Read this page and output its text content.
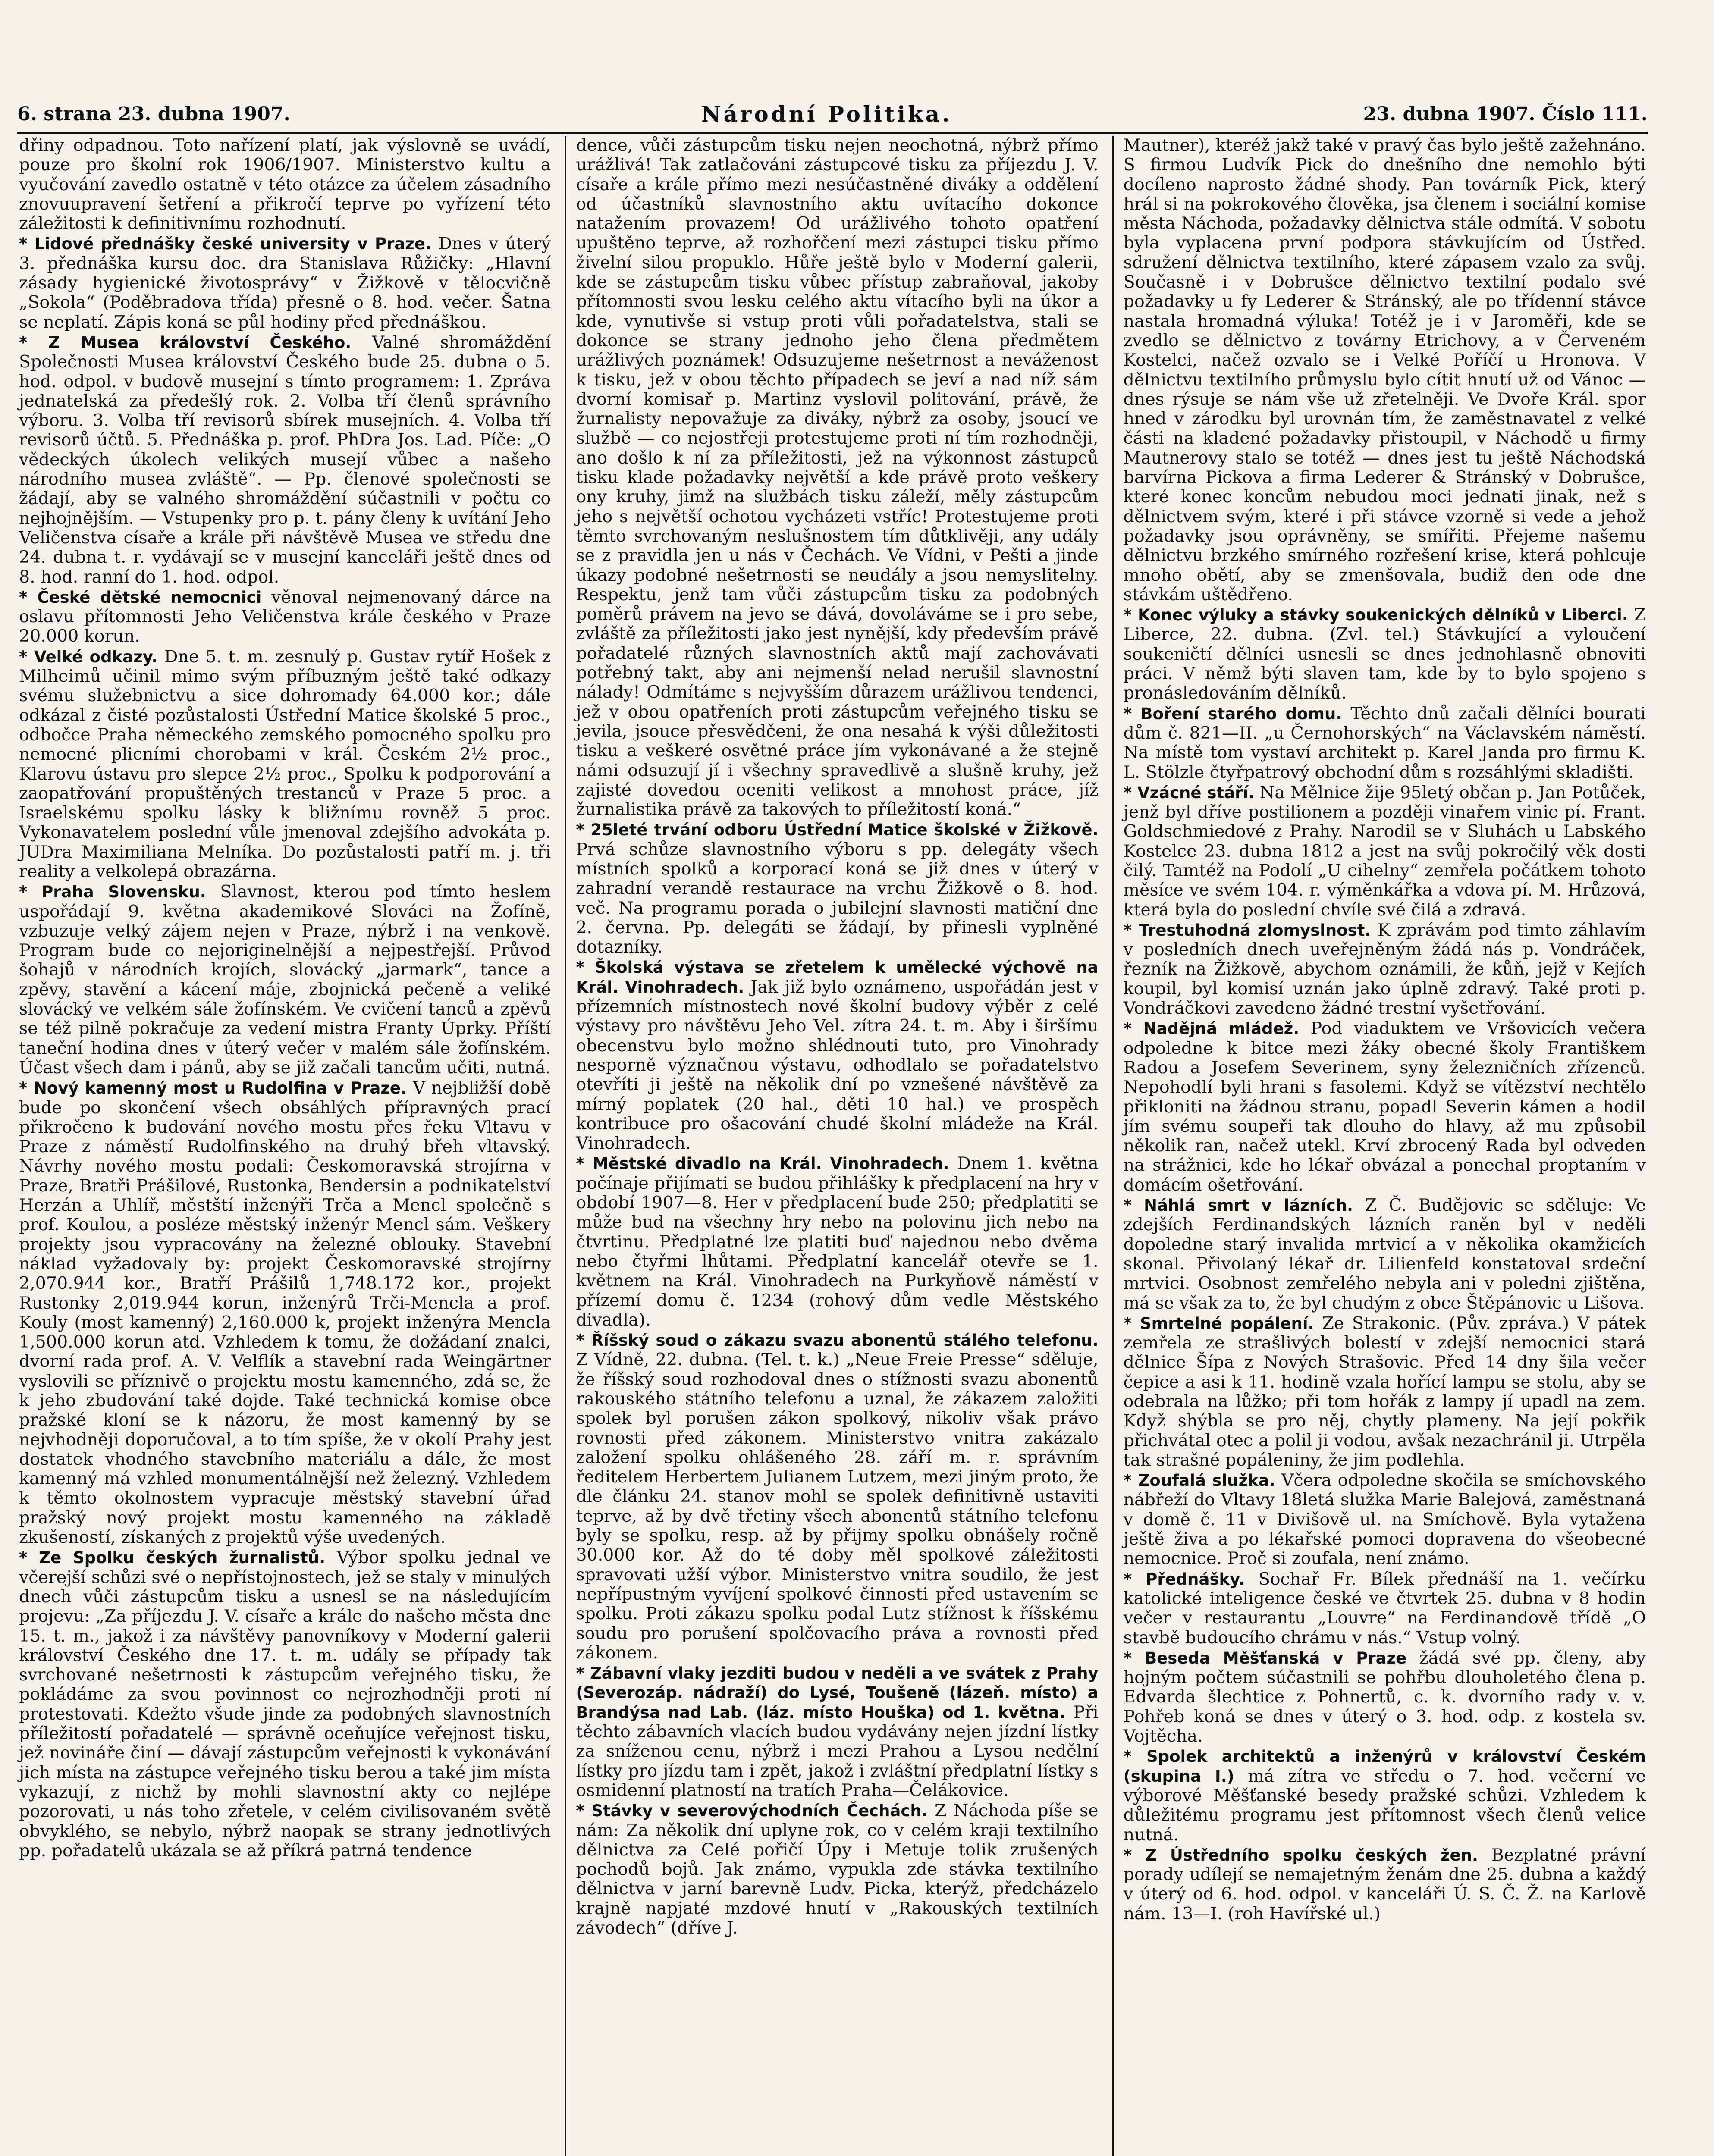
6. strana 23. dubna 1907.	Národní Politika.	23. dubna 1907. Číslo 111.

dřiny odpadnou. Toto nařízení platí, jak výslovně se uvádí, pouze pro školní rok 1906/1907. Ministerstvo kultu a vyučování zavedlo ostatně v této otázce za účelem zásadního znovuupravení šetření a přikročí teprve po vyřízení této záležitosti k definitivnímu rozhodnutí.

* Lidové přednášky české university v Praze. Dnes v úterý 3. přednáška kursu doc. dra Stanislava Růžičky: „Hlavní zásady hygienické životosprávy“ v Žižkově v tělocvičně „Sokola“ (Poděbradova třída) přesně o 8. hod. večer. Šatna se neplatí. Zápis koná se půl hodiny před přednáškou.

* Z Musea království Českého. Valné shromáždění Společnosti Musea království Českého bude 25. dubna o 5. hod. odpol. v budově musejní s tímto programem: 1. Zpráva jednatelská za předešlý rok. 2. Volba tří členů správního výboru. 3. Volba tří revisorů sbírek musejních. 4. Volba tří revisorů účtů. 5. Přednáška p. prof. PhDra Jos. Lad. Píče: „O vědeckých úkolech velikých musejí vůbec a našeho národního musea zvláště“. — Pp. členové společnosti se žádají, aby se valného shromáždění súčastnili v počtu co nejhojnějším. — Vstupenky pro p. t. pány členy k uvítání Jeho Veličenstva císaře a krále při návštěvě Musea ve středu dne 24. dubna t. r. vydávají se v musejní kanceláři ještě dnes od 8. hod. ranní do 1. hod. odpol.

* České dětské nemocnici věnoval nejmenovaný dárce na oslavu přítomnosti Jeho Veličenstva krále českého v Praze 20.000 korun.

* Velké odkazy. Dne 5. t. m. zesnulý p. Gustav rytíř Hošek z Milheimů učinil mimo svým příbuzným ještě také odkazy svému služebnictvu a sice dohromady 64.000 kor.; dále odkázal z čisté pozůstalosti Ústřední Matice školské 5 proc., odbočce Praha německého zemského pomocného spolku pro nemocné plicními chorobami v král. Českém 2½ proc., Klarovu ústavu pro slepce 2½ proc., Spolku k podporování a zaopatřování propuštěných trestanců v Praze 5 proc. a Israelskému spolku lásky k bližnímu rovněž 5 proc. Vykonavatelem poslední vůle jmenoval zdejšího advokáta p. JUDra Maximiliana Melníka. Do pozůstalosti patří m. j. tři reality a velkolepá obrazárna.

* Praha Slovensku. Slavnost, kterou pod tímto heslem uspořádají 9. května akademikové Slováci na Žofíně, vzbuzuje velký zájem nejen v Praze, nýbrž i na venkově. Program bude co nejoriginelnější a nejpestřejší. Průvod šohajů v národních krojích, slovácký „jarmark“, tance a zpěvy, stavění a kácení máje, zbojnická pečeně a veliké slovácký ve velkém sále žofínském. Ve cvičení tanců a zpěvů se též pilně pokračuje za vedení mistra Franty Úprky. Příští taneční hodina dnes v úterý večer v malém sále žofínském. Účast všech dam i pánů, aby se již začali tancům učiti, nutná.

* Nový kamenný most u Rudolfina v Praze. V nejbližší době bude po skončení všech obsáhlých přípravných prací přikročeno k budování nového mostu přes řeku Vltavu v Praze z náměstí Rudolfinského na druhý břeh vltavský. Návrhy nového mostu podali: Českomoravská strojírna v Praze, Bratři Prášilové, Rustonka, Bendersin a podnikatelství Herzán a Uhlíř, městští inženýři Trča a Mencl společně s prof. Koulou, a posléze městský inženýr Mencl sám. Veškery projekty jsou vypracovány na železné oblouky. Stavební náklad vyžadovaly by: projekt Českomoravské strojírny 2,070.944 kor., Bratří Prášilů 1,748.172 kor., projekt Rustonky 2,019.944 korun, inženýrů Trči-Mencla a prof. Kouly (most kamenný) 2,160.000 k, projekt inženýra Mencla 1,500.000 korun atd. Vzhledem k tomu, že dožádaní znalci, dvorní rada prof. A. V. Velflík a stavební rada Weingärtner vyslovili se příznivě o projektu mostu kamenného, zdá se, že k jeho zbudování také dojde. Také technická komise obce pražské kloní se k názoru, že most kamenný by se nejvhodněji doporučoval, a to tím spíše, že v okolí Prahy jest dostatek vhodného stavebního materiálu a dále, že most kamenný má vzhled monumentálnější než železný. Vzhledem k těmto okolnostem vypracuje městský stavební úřad pražský nový projekt mostu kamenného na základě zkušeností, získaných z projektů výše uvedených.

* Ze Spolku českých žurnalistů. Výbor spolku jednal ve včerejší schůzi své o nepřístojnostech, jež se staly v minulých dnech vůči zástupcům tisku a usnesl se na následujícím projevu: „Za příjezdu J. V. císaře a krále do našeho města dne 15. t. m., jakož i za návštěvy panovníkovy v Moderní galerii království Českého dne 17. t. m. udály se případy tak svrchované nešetrnosti k zástupcům veřejného tisku, že pokládáme za svou povinnost co nejrozhodněji proti ní protestovati. Kdežto všude jinde za podobných slavnostních příležitostí pořadatelé — správně oceňujíce veřejnost tisku, jež novináře činí — dávají zástupcům veřejnosti k vykonávání jich místa na zástupce veřejného tisku berou a také jim místa vykazují, z nichž by mohli slavnostní akty co nejlépe pozorovati, u nás toho zřetele, v celém civilisovaném světě obvyklého, se nebylo, nýbrž naopak se strany jednotlivých pp. pořadatelů ukázala se až příkrá patrná tendence

dence, vůči zástupcům tisku nejen neochotná, nýbrž přímo urážlivá! Tak zatlačováni zástupcové tisku za příjezdu J. V. císaře a krále přímo mezi nesúčastněné diváky a oddělení od účastníků slavnostního aktu uvítacího dokonce natažením provazem! Od urážlivého tohoto opatření upuštěno teprve, až rozhořčení mezi zástupci tisku přímo živelní silou propuklo. Hůře ještě bylo v Moderní galerii, kde se zástupcům tisku vůbec přístup zabraňoval, jakoby přítomnosti svou lesku celého aktu vítacího byli na úkor a kde, vynutivše si vstup proti vůli pořadatelstva, stali se dokonce se strany jednoho jeho člena předmětem urážlivých poznámek! Odsuzujeme nešetrnost a neváženost k tisku, jež v obou těchto případech se jeví a nad níž sám dvorní komisař p. Martinz vyslovil politování, právě, že žurnalisty nepovažuje za diváky, nýbrž za osoby, jsoucí ve službě — co nejostřeji protestujeme proti ní tím rozhodněji, ano došlo k ní za příležitosti, jež na výkonnost zástupců tisku klade požadavky největší a kde právě proto veškery ony kruhy, jimž na službách tisku záleží, měly zástupcům jeho s největší ochotou vycházeti vstříc! Protestujeme proti těmto svrchovaným neslušnostem tím důtklivěji, any udály se z pravidla jen u nás v Čechách. Ve Vídni, v Pešti a jinde úkazy podobné nešetrnosti se neudály a jsou nemyslitelny. Respektu, jenž tam vůči zástupcům tisku za podobných poměrů právem na jevo se dává, dovoláváme se i pro sebe, zvláště za příležitosti jako jest nynější, kdy především právě pořadatelé různých slavnostních aktů mají zachovávati potřebný takt, aby ani nejmenší nelad nerušil slavnostní nálady! Odmítáme s nejvyšším důrazem urážlivou tendenci, jež v obou opatřeních proti zástupcům veřejného tisku se jevila, jsouce přesvědčeni, že ona nesahá k výši důležitosti tisku a veškeré osvětné práce jím vykonávané a že stejně námi odsuzují jí i všechny spravedlivě a slušně kruhy, jež zajisté dovedou oceniti velikost a mnohost práce, jíž žurnalistika právě za takových to příležitostí koná.“

* 25leté trvání odboru Ústřední Matice školské v Žižkově. Prvá schůze slavnostního výboru s pp. delegáty všech místních spolků a korporací koná se již dnes v úterý v zahradní verandě restaurace na vrchu Žižkově o 8. hod. več. Na programu porada o jubilejní slavnosti matiční dne 2. června. Pp. delegáti se žádají, by přinesli vyplněné dotazníky.

* Školská výstava se zřetelem k umělecké výchově na Král. Vinohradech. Jak již bylo oznámeno, uspořádán jest v přízemních místnostech nové školní budovy výběr z celé výstavy pro návštěvu Jeho Vel. zítra 24. t. m. Aby i širšímu obecenstvu bylo možno shlédnouti tuto, pro Vinohrady nesporně význačnou výstavu, odhodlalo se pořadatelstvo otevříti ji ještě na několik dní po vznešené návštěvě za mírný poplatek (20 hal., děti 10 hal.) ve prospěch kontribuce pro ošacování chudé školní mládeže na Král. Vinohradech.

* Městské divadlo na Král. Vinohradech. Dnem 1. května počínaje přijímati se budou přihlášky k předplacení na hry v období 1907—8. Her v předplacení bude 250; předplatiti se může bud na všechny hry nebo na polovinu jich nebo na čtvrtinu. Předplatné lze platiti buď najednou nebo dvěma nebo čtyřmi lhůtami. Předplatní kancelář otevře se 1. květnem na Král. Vinohradech na Purkyňově náměstí v přízemí domu č. 1234 (rohový dům vedle Městského divadla).

* Říšský soud o zákazu svazu abonentů stálého telefonu. Z Vídně, 22. dubna. (Tel. t. k.) „Neue Freie Presse“ sděluje, že říšský soud rozhodoval dnes o stížnosti svazu abonentů rakouského státního telefonu a uznal, že zákazem založiti spolek byl porušen zákon spolkový, nikoliv však právo rovnosti před zákonem. Ministerstvo vnitra zakázalo založení spolku ohlášeného 28. září m. r. správním ředitelem Herbertem Julianem Lutzem, mezi jiným proto, že dle článku 24. stanov mohl se spolek definitivně ustaviti teprve, až by dvě třetiny všech abonentů státního telefonu byly se spolku, resp. až by přijmy spolku obnášely ročně 30.000 kor. Až do té doby měl spolkové záležitosti spravovati užší výbor. Ministerstvo vnitra soudilo, že jest nepřípustným vyvíjení spolkové činnosti před ustavením se spolku. Proti zákazu spolku podal Lutz stížnost k říšskému soudu pro porušení spolčovacího práva a rovnosti před zákonem.

* Zábavní vlaky jezditi budou v neděli a ve svátek z Prahy (Severozáp. nádraží) do Lysé, Toušeně (lázeň. místo) a Brandýsa nad Lab. (láz. místo Houška) od 1. května. Při těchto zábavních vlacích budou vydávány nejen jízdní lístky za sníženou cenu, nýbrž i mezi Prahou a Lysou nedělní lístky pro jízdu tam i zpět, jakož i zvláštní předplatní lístky s osmidenní platností na tratích Praha—Čelákovice.

* Stávky v severovýchodních Čechách. Z Náchoda píše se nám: Za několik dní uplyne rok, co v celém kraji textilního dělnictva za Celé pořičí Úpy i Metuje tolik zrušených pochodů bojů. Jak známo, vypukla zde stávka textilního dělnictva v jarní barevně Ludv. Picka, kterýž, předcházelo krajně napjaté mzdové hnutí v „Rakouských textilních závodech“ (dříve J.

Mautner), kteréž jakž také v pravý čas bylo ještě zažehnáno. S firmou Ludvík Pick do dnešního dne nemohlo býti docíleno naprosto žádné shody. Pan továrník Pick, který hrál si na pokrokového člověka, jsa členem i sociální komise města Náchoda, požadavky dělnictva stále odmítá. V sobotu byla vyplacena první podpora stávkujícím od Ústřed. sdružení dělnictva textilního, které zápasem vzalo za svůj. Současně i v Dobrušce dělnictvo textilní podalo své požadavky u fy Lederer & Stránský, ale po třídenní stávce nastala hromadná výluka! Totéž je i v Jaroměři, kde se zvedlo se dělnictvo z továrny Etrichovy, a v Červeném Kostelci, načež ozvalo se i Velké Poříčí u Hronova. V dělnictvu textilního průmyslu bylo cítit hnutí už od Vánoc — dnes rýsuje se nám vše už zřetelněji. Ve Dvoře Král. spor hned v zárodku byl urovnán tím, že zaměstnavatel z velké části na kladené požadavky přistoupil, v Náchodě u firmy Mautnerovy stalo se totéž — dnes jest tu ještě Náchodská barvírna Pickova a firma Lederer & Stránský v Dobrušce, které konec koncům nebudou moci jednati jinak, než s dělnictvem svým, které i při stávce vzorně si vede a jehož požadavky jsou oprávněny, se smířiti. Přejeme našemu dělnictvu brzkého smírného rozřešení krise, která pohlcuje mnoho obětí, aby se zmenšovala, budiž den ode dne stávkám uštědřeno.

* Konec výluky a stávky soukenických dělníků v Liberci. Z Liberce, 22. dubna. (Zvl. tel.) Stávkující a vyloučení soukeničtí dělníci usnesli se dnes jednohlasně obnoviti práci. V němž býti slaven tam, kde by to bylo spojeno s pronásledováním dělníků.

* Boření starého domu. Těchto dnů začali dělníci bourati dům č. 821—II. „u Černohorských“ na Václavském náměstí. Na místě tom vystaví architekt p. Karel Janda pro firmu K. L. Stölzle čtyřpatrový obchodní dům s rozsáhlými skladišti.

* Vzácné stáří. Na Mělnice žije 95letý občan p. Jan Potůček, jenž byl dříve postilionem a později vinařem vinic pí. Frant. Goldschmiedové z Prahy. Narodil se v Sluhách u Labského Kostelce 23. dubna 1812 a jest na svůj pokročilý věk dosti čilý. Tamtéž na Podolí „U cihelny“ zemřela počátkem tohoto měsíce ve svém 104. r. výměnkářka a vdova pí. M. Hrůzová, která byla do poslední chvíle své čilá a zdravá.

* Trestuhodná zlomyslnost. K zprávám pod timto záhlavím v posledních dnech uveřejněným žádá nás p. Vondráček, řezník na Žižkově, abychom oznámili, že kůň, jejž v Kejích koupil, byl komisí uznán jako úplně zdravý. Také proti p. Vondráčkovi zavedeno žádné trestní vyšetřování.

* Nadějná mládež. Pod viaduktem ve Vršovicích večera odpoledne k bitce mezi žáky obecné školy Františkem Radou a Josefem Severinem, syny železničních zřízenců. Nepohodlí byli hrani s fasolemi. Když se vítězství nechtělo přikloniti na žádnou stranu, popadl Severin kámen a hodil jím svému soupeři tak dlouho do hlavy, až mu způsobil několik ran, načež utekl. Krví zbrocený Rada byl odveden na strážnici, kde ho lékař obvázal a ponechal proptaním v domácím ošetřování.

* Náhlá smrt v lázních. Z Č. Budějovic se sděluje: Ve zdejších Ferdinandských lázních raněn byl v neděli dopoledne starý invalida mrtvicí a v několika okamžicích skonal. Přivolaný lékař dr. Lilienfeld konstatoval srdeční mrtvici. Osobnost zemřelého nebyla ani v poledni zjištěna, má se však za to, že byl chudým z obce Štěpánovic u Lišova.

* Smrtelné popálení. Ze Strakonic. (Pův. zpráva.) V pátek zemřela ze strašlivých bolestí v zdejší nemocnici stará dělnice Šípa z Nových Strašovic. Před 14 dny šila večer čepice a asi k 11. hodině vzala hořící lampu se stolu, aby se odebrala na lůžko; při tom hořák z lampy jí upadl na zem. Když shýbla se pro něj, chytly plameny. Na její pokřik přichvátal otec a polil ji vodou, avšak nezachránil ji. Utrpěla tak strašné popáleniny, že jim podlehla.

* Zoufalá služka. Včera odpoledne skočila se smíchovského nábřeží do Vltavy 18letá služka Marie Balejová, zaměstnaná v domě č. 11 v Divišově ul. na Smíchově. Byla vytažena ještě živa a po lékařské pomoci dopravena do všeobecné nemocnice. Proč si zoufala, není známo.

* Přednášky. Sochař Fr. Bílek přednáší na 1. večírku katolické inteligence české ve čtvrtek 25. dubna v 8 hodin večer v restaurantu „Louvre“ na Ferdinandově třídě „O stavbě budoucího chrámu v nás.“ Vstup volný.

* Beseda Měšťanská v Praze žádá své pp. členy, aby hojným počtem súčastnili se pohřbu dlouholetého člena p. Edvarda šlechtice z Pohnertů, c. k. dvorního rady v. v. Pohřeb koná se dnes v úterý o 3. hod. odp. z kostela sv. Vojtěcha.

* Spolek architektů a inženýrů v království Českém (skupina I.) má zítra ve středu o 7. hod. večerní ve výborové Měšťanské besedy pražské schůzi. Vzhledem k důležitému programu jest přítomnost všech členů velice nutná.

* Z Ústředního spolku českých žen. Bezplatné právní porady udílejí se nemajetným ženám dne 25. dubna a každý v úterý od 6. hod. odpol. v kanceláři Ú. S. Č. Ž. na Karlově nám. 13—I. (roh Havířské ul.)
